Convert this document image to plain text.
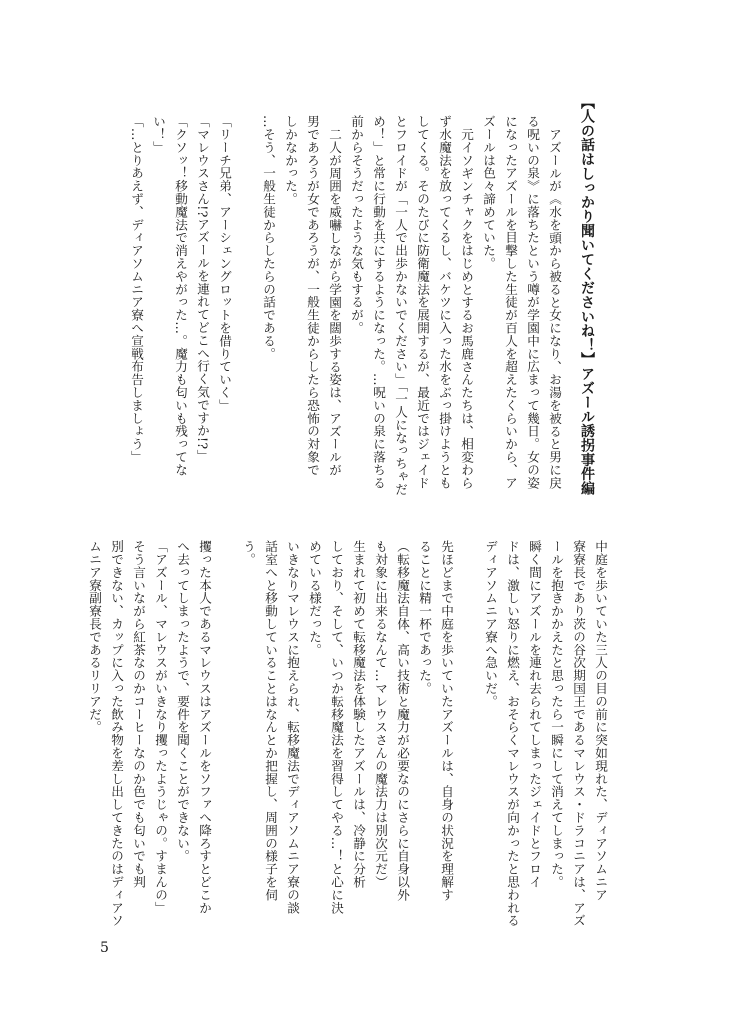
【人の話はしっかり聞いてくださいね！】アズール誘拐事件編
アズールが《水を頭から被ると女になり、お湯を被ると男に戻
る呪いの泉》に落ちたという噂が学園中に広まって幾日。女の姿
になったアズールを目撃した生徒が百人を超えたくらいから、ア
ズールは色々諦めていた。
元イソギンチャクをはじめとするお馬鹿さんたちは、相変わら
ず水魔法を放ってくるし、バケツに入った水をぶっ掛けようとも
してくる。そのたびに防衛魔法を展開するが、最近ではジェイド
とフロイドが「一人で出歩かないでください」「一人になっちゃだ
め！」と常に行動を共にするようになった。…呪いの泉に落ちる
前からそうだったような気もするが。
二人が周囲を威嚇しながら学園を闊歩する姿は、アズールが
男であろうが女であろうが、一般生徒からしたら恐怖の対象で
しかなかった。
…そう、一般生徒からしたらの話である。

「リーチ兄弟、アーシェングロットを借りていく」
「マレウスさん!?アズールを連れてどこへ行く気ですか!?」
「クソッ！移動魔法で消えやがった…。魔力も匂いも残ってな
い！」
「…とりあえず、ディアソムニア寮へ宣戦布告しましょう」
中庭を歩いていた三人の目の前に突如現れた、ディアソムニア
寮寮長であり茨の谷次期国王であるマレウス・ドラコニアは、アズ
ールを抱きかかえたと思ったら一瞬にして消えてしまった。
瞬く間にアズールを連れ去られてしまったジェイドとフロイ
ドは、激しい怒りに燃え、おそらくマレウスが向かったと思われる
ディアソムニア寮へ急いだ。

先ほどまで中庭を歩いていたアズールは、自身の状況を理解す
ることに精一杯であった。
（転移魔法自体、高い技術と魔力が必要なのにさらに自身以外
も対象に出来るなんて…マレウスさんの魔法力は別次元だ）
生まれて初めて転移魔法を体験したアズールは、冷静に分析
しており、そして、いつか転移魔法を習得してやる…！と心に決
めている様だった。
いきなりマレウスに抱えられ、転移魔法でディアソムニア寮の談
話室へと移動していることはなんとか把握し、周囲の様子を伺
う。

攫った本人であるマレウスはアズールをソファへ降ろすとどこか
へ去ってしまったようで、要件を聞くことができない。
「アズール、マレウスがいきなり攫ったようじゃの。すまんの」
そう言いながら紅茶なのかコーヒーなのか色でも匂いでも判
別できない、カップに入った飲み物を差し出してきたのはディアソ
ムニア寮副寮長であるリリアだ。
5
